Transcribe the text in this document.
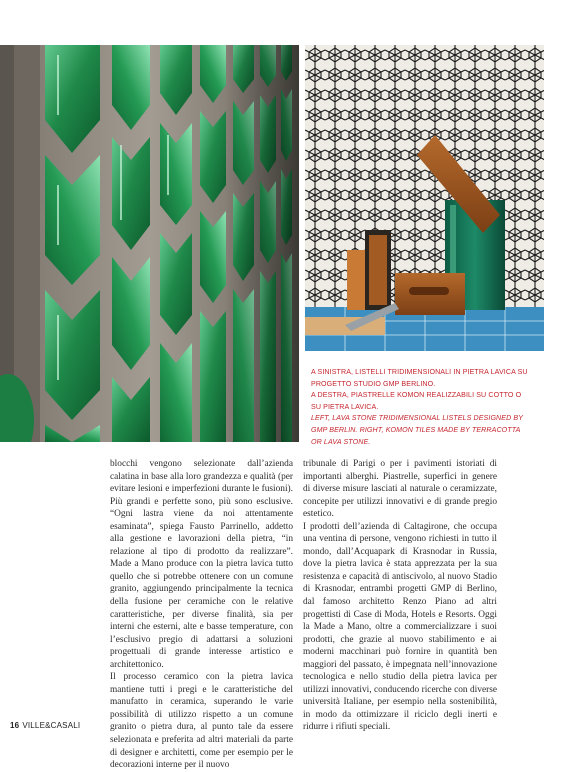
A SINISTRA, LISTELLI TRIDIMENSIONALI IN PIETRA LAVICA SU PROGETTO STUDIO GMP BERLINO.

A DESTRA, PIASTRELLE KOMON REALIZZABILI SU COTTO O SU PIETRA LAVICA.

LEFT, LAVA STONE TRIDIMENSIONAL LISTELS DESIGNED BY GMP BERLIN. RIGHT, KOMON TILES MADE BY TERRACOTTA OR LAVA STONE.

blocchi vengono selezionate dall’azienda calatina in base alla loro grandezza e qualità (per evitare lesioni e imperfezioni durante le fusioni). Più grandi e perfette sono, più sono esclusive. “Ogni lastra viene da noi attentamente esaminata”, spiega Fausto Parrinello, addetto alla gestione e lavorazioni della pietra, “in relazione al tipo di prodotto da realizzare”. Made a Mano produce con la pietra lavica tutto quello che si potrebbe ottenere con un comune granito, aggiungendo principalmente la tecnica della fusione per ceramiche con le relative caratteristiche, per diverse finalità, sia per interni che esterni, alte e basse temperature, con l’esclusivo pregio di adattarsi a soluzioni progettuali di grande interesse artistico e architettonico.

Il processo ceramico con la pietra lavica mantiene tutti i pregi e le caratteristiche del manufatto in ceramica, superando le varie possibilità di utilizzo rispetto a un comune granito o pietra dura, al punto tale da essere selezionata e preferita ad altri materiali da parte di designer e architetti, come per esempio per le decorazioni interne per il nuovo

tribunale di Parigi o per i pavimenti istoriati di importanti alberghi. Piastrelle, superfici in genere di diverse misure lasciati al naturale o ceramizzate, concepite per utilizzi innovativi e di grande pregio estetico.

I prodotti dell’azienda di Caltagirone, che occupa una ventina di persone, vengono richiesti in tutto il mondo, dall’Acquapark di Krasnodar in Russia, dove la pietra lavica è stata apprezzata per la sua resistenza e capacità di antiscivolo, al nuovo Stadio di Krasnodar, entrambi progetti GMP di Berlino, dal famoso architetto Renzo Piano ad altri progettisti di Case di Moda, Hotels e Resorts. Oggi la Made a Mano, oltre a commercializzare i suoi prodotti, che grazie al nuovo stabilimento e ai moderni macchinari può fornire in quantità ben maggiori del passato, è impegnata nell’innovazione tecnologica e nello studio della pietra lavica per utilizzi innovativi, conducendo ricerche con diverse università Italiane, per esempio nella sostenibilità, in modo da ottimizzare il riciclo degli inerti e ridurre i rifiuti speciali.

16 VILLE&CASALI
